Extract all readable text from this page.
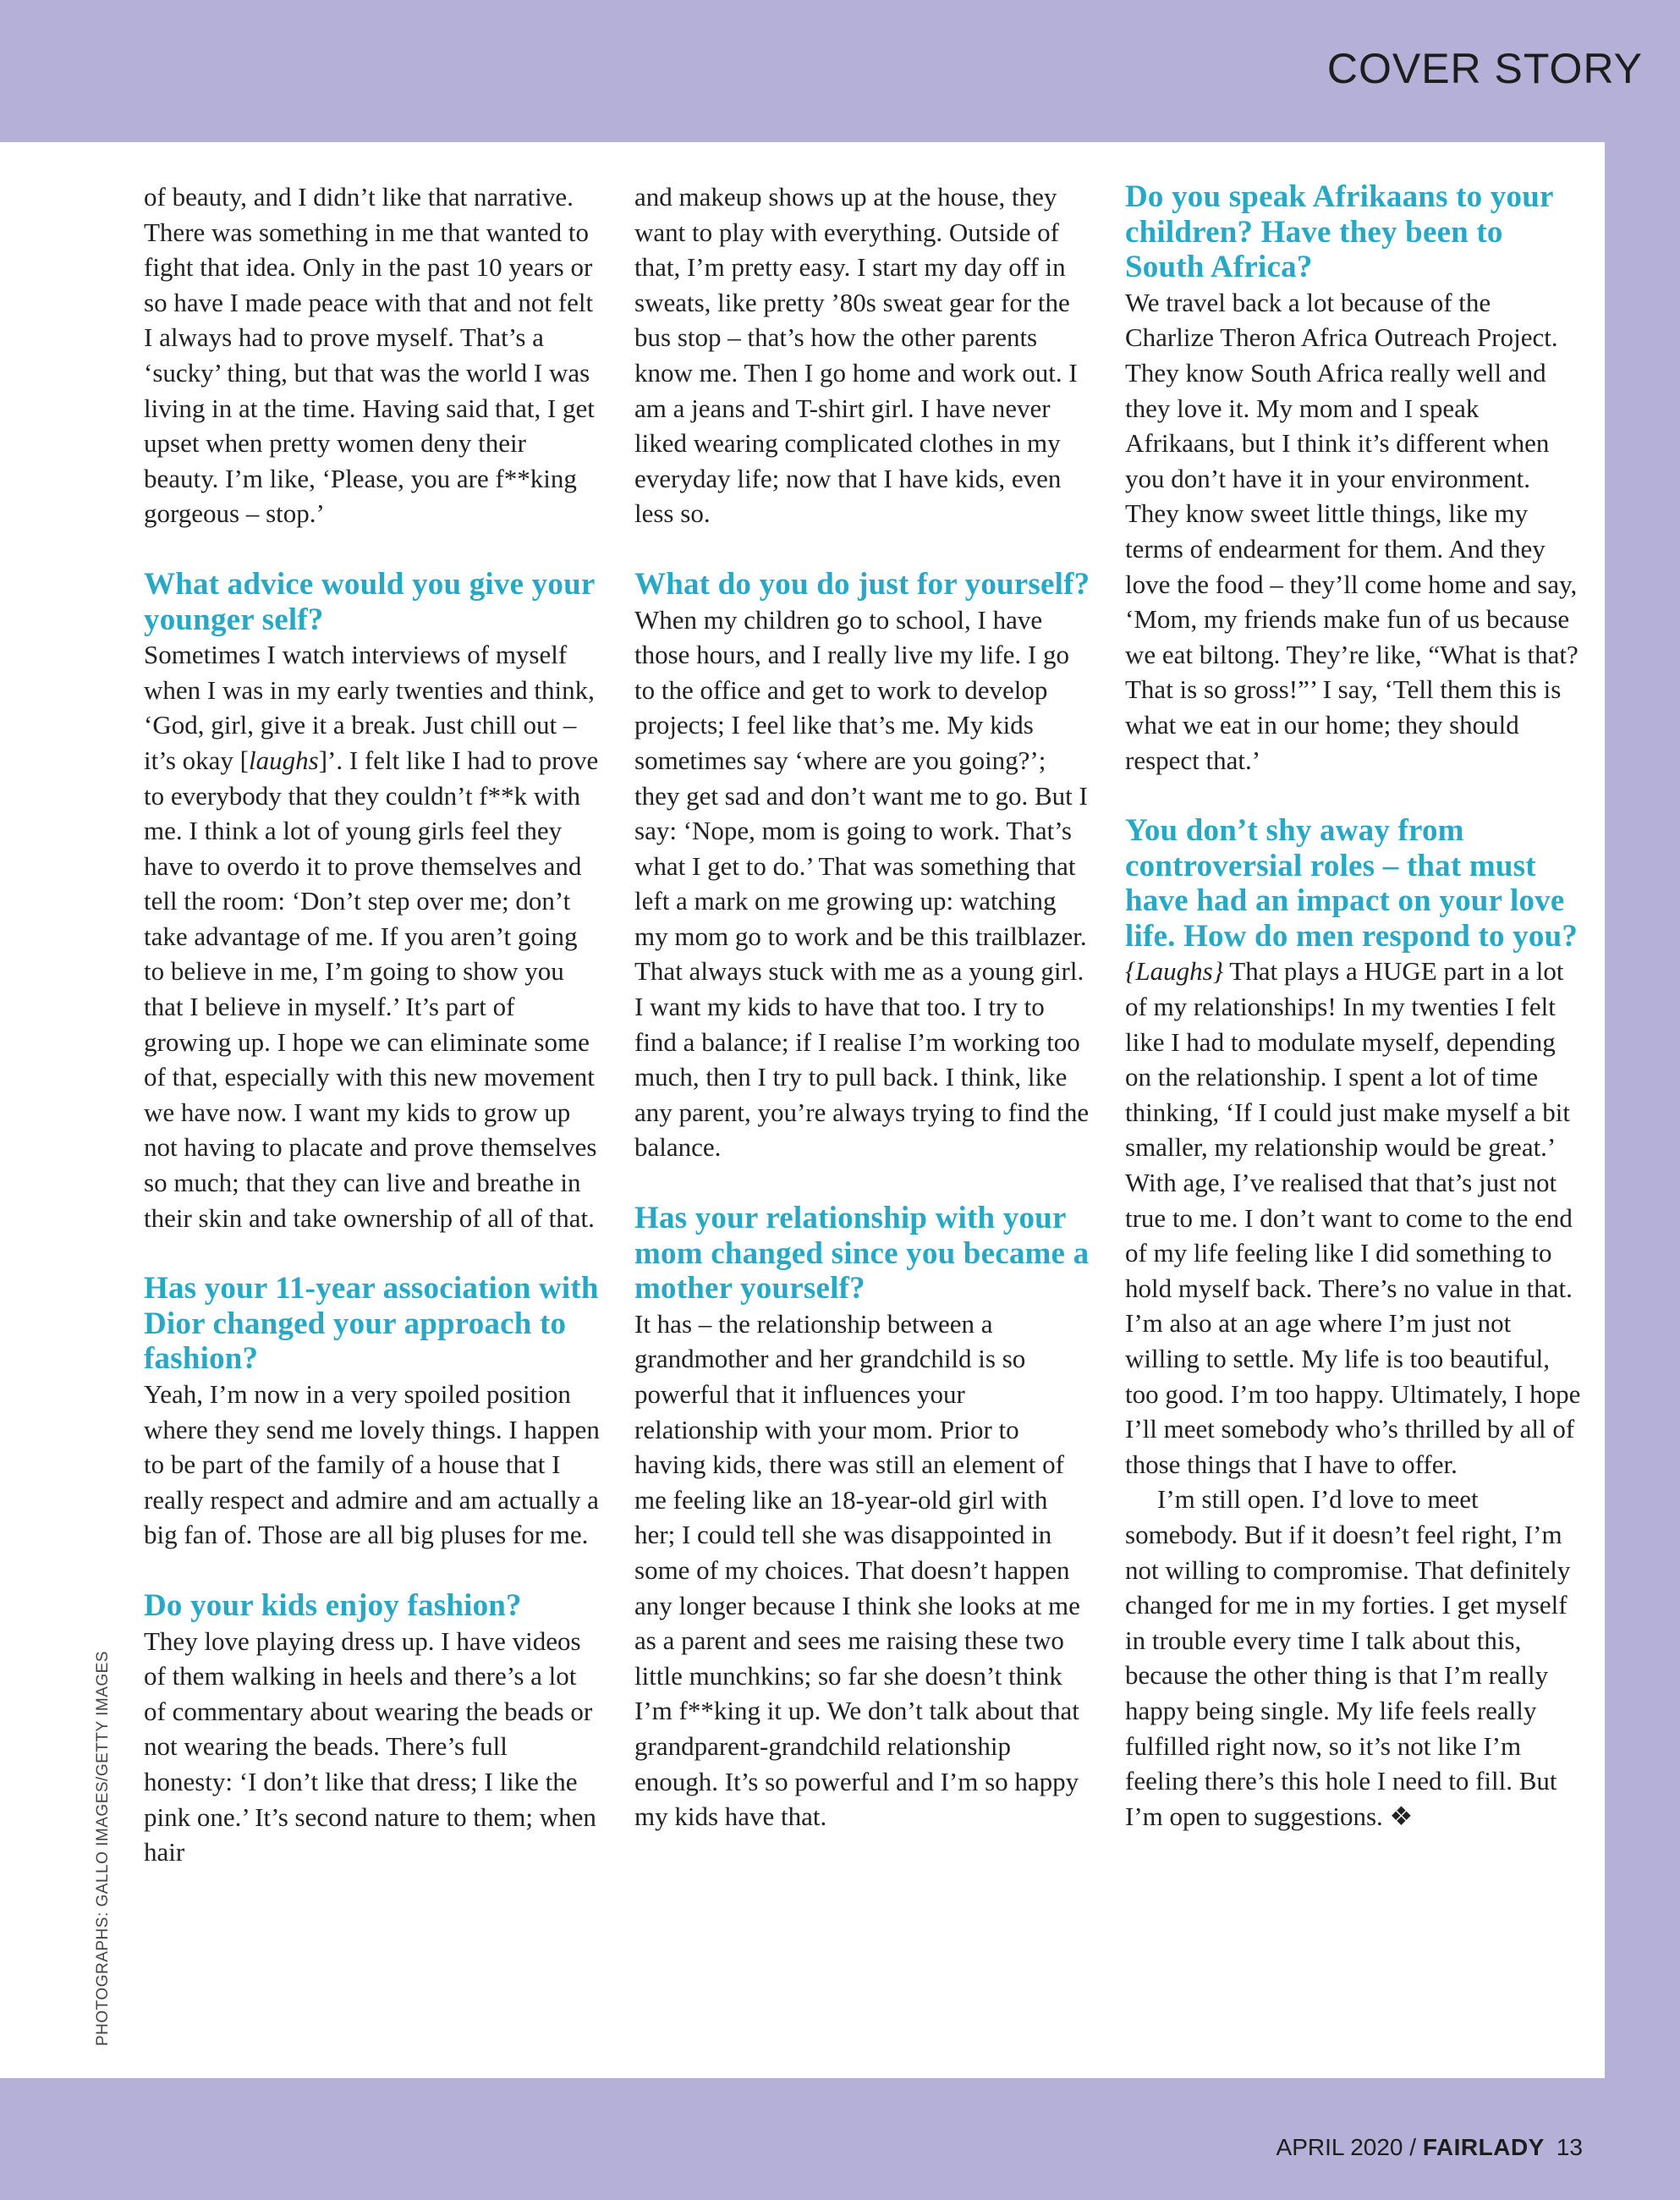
COVER STORY
PHOTOGRAPHS: GALLO IMAGES/GETTY IMAGES

of beauty, and I didn’t like that narrative. There was something in me that wanted to fight that idea. Only in the past 10 years or so have I made peace with that and not felt I always had to prove myself. That’s a ‘sucky’ thing, but that was the world I was living in at the time. Having said that, I get upset when pretty women deny their beauty. I’m like, ‘Please, you are f**king gorgeous – stop.’

What advice would you give your younger self?

Sometimes I watch interviews of myself when I was in my early twenties and think, ‘God, girl, give it a break. Just chill out – it’s okay [laughs]’. I felt like I had to prove to everybody that they couldn’t f**k with me. I think a lot of young girls feel they have to overdo it to prove themselves and tell the room: ‘Don’t step over me; don’t take advantage of me. If you aren’t going to believe in me, I’m going to show you that I believe in myself.’ It’s part of growing up. I hope we can eliminate some of that, especially with this new movement we have now. I want my kids to grow up not having to placate and prove themselves so much; that they can live and breathe in their skin and take ownership of all of that.

Has your 11-year association with Dior changed your approach to fashion?

Yeah, I’m now in a very spoiled position where they send me lovely things. I happen to be part of the family of a house that I really respect and admire and am actually a big fan of. Those are all big pluses for me.

Do your kids enjoy fashion?

They love playing dress up. I have videos of them walking in heels and there’s a lot of commentary about wearing the beads or not wearing the beads. There’s full honesty: ‘I don’t like that dress; I like the pink one.’ It’s second nature to them; when hair

and makeup shows up at the house, they want to play with everything. Outside of that, I’m pretty easy. I start my day off in sweats, like pretty ’80s sweat gear for the bus stop – that’s how the other parents know me. Then I go home and work out. I am a jeans and T-shirt girl. I have never liked wearing complicated clothes in my everyday life; now that I have kids, even less so.

What do you do just for yourself?

When my children go to school, I have those hours, and I really live my life. I go to the office and get to work to develop projects; I feel like that’s me. My kids sometimes say ‘where are you going?’; they get sad and don’t want me to go. But I say: ‘Nope, mom is going to work. That’s what I get to do.’ That was something that left a mark on me growing up: watching my mom go to work and be this trailblazer. That always stuck with me as a young girl. I want my kids to have that too. I try to find a balance; if I realise I’m working too much, then I try to pull back. I think, like any parent, you’re always trying to find the balance.

Has your relationship with your mom changed since you became a mother yourself?

It has – the relationship between a grandmother and her grandchild is so powerful that it influences your relationship with your mom. Prior to having kids, there was still an element of me feeling like an 18-year-old girl with her; I could tell she was disappointed in some of my choices. That doesn’t happen any longer because I think she looks at me as a parent and sees me raising these two little munchkins; so far she doesn’t think I’m f**king it up. We don’t talk about that grandparent-grandchild relationship enough. It’s so powerful and I’m so happy my kids have that.

Do you speak Afrikaans to your children? Have they been to South Africa?

We travel back a lot because of the Charlize Theron Africa Outreach Project. They know South Africa really well and they love it. My mom and I speak Afrikaans, but I think it’s different when you don’t have it in your environment. They know sweet little things, like my terms of endearment for them. And they love the food – they’ll come home and say, ‘Mom, my friends make fun of us because we eat biltong. They’re like, “What is that? That is so gross!”’ I say, ‘Tell them this is what we eat in our home; they should respect that.’

You don’t shy away from controversial roles – that must have had an impact on your love life. How do men respond to you?

{Laughs} That plays a HUGE part in a lot of my relationships! In my twenties I felt like I had to modulate myself, depending on the relationship. I spent a lot of time thinking, ‘If I could just make myself a bit smaller, my relationship would be great.’ With age, I’ve realised that that’s just not true to me. I don’t want to come to the end of my life feeling like I did something to hold myself back. There’s no value in that. I’m also at an age where I’m just not willing to settle. My life is too beautiful, too good. I’m too happy. Ultimately, I hope I’ll meet somebody who’s thrilled by all of those things that I have to offer.

I’m still open. I’d love to meet somebody. But if it doesn’t feel right, I’m not willing to compromise. That definitely changed for me in my forties. I get myself in trouble every time I talk about this, because the other thing is that I’m really happy being single. My life feels really fulfilled right now, so it’s not like I’m feeling there’s this hole I need to fill. But I’m open to suggestions. ❖

APRIL 2020 / FAIRLADY 13
